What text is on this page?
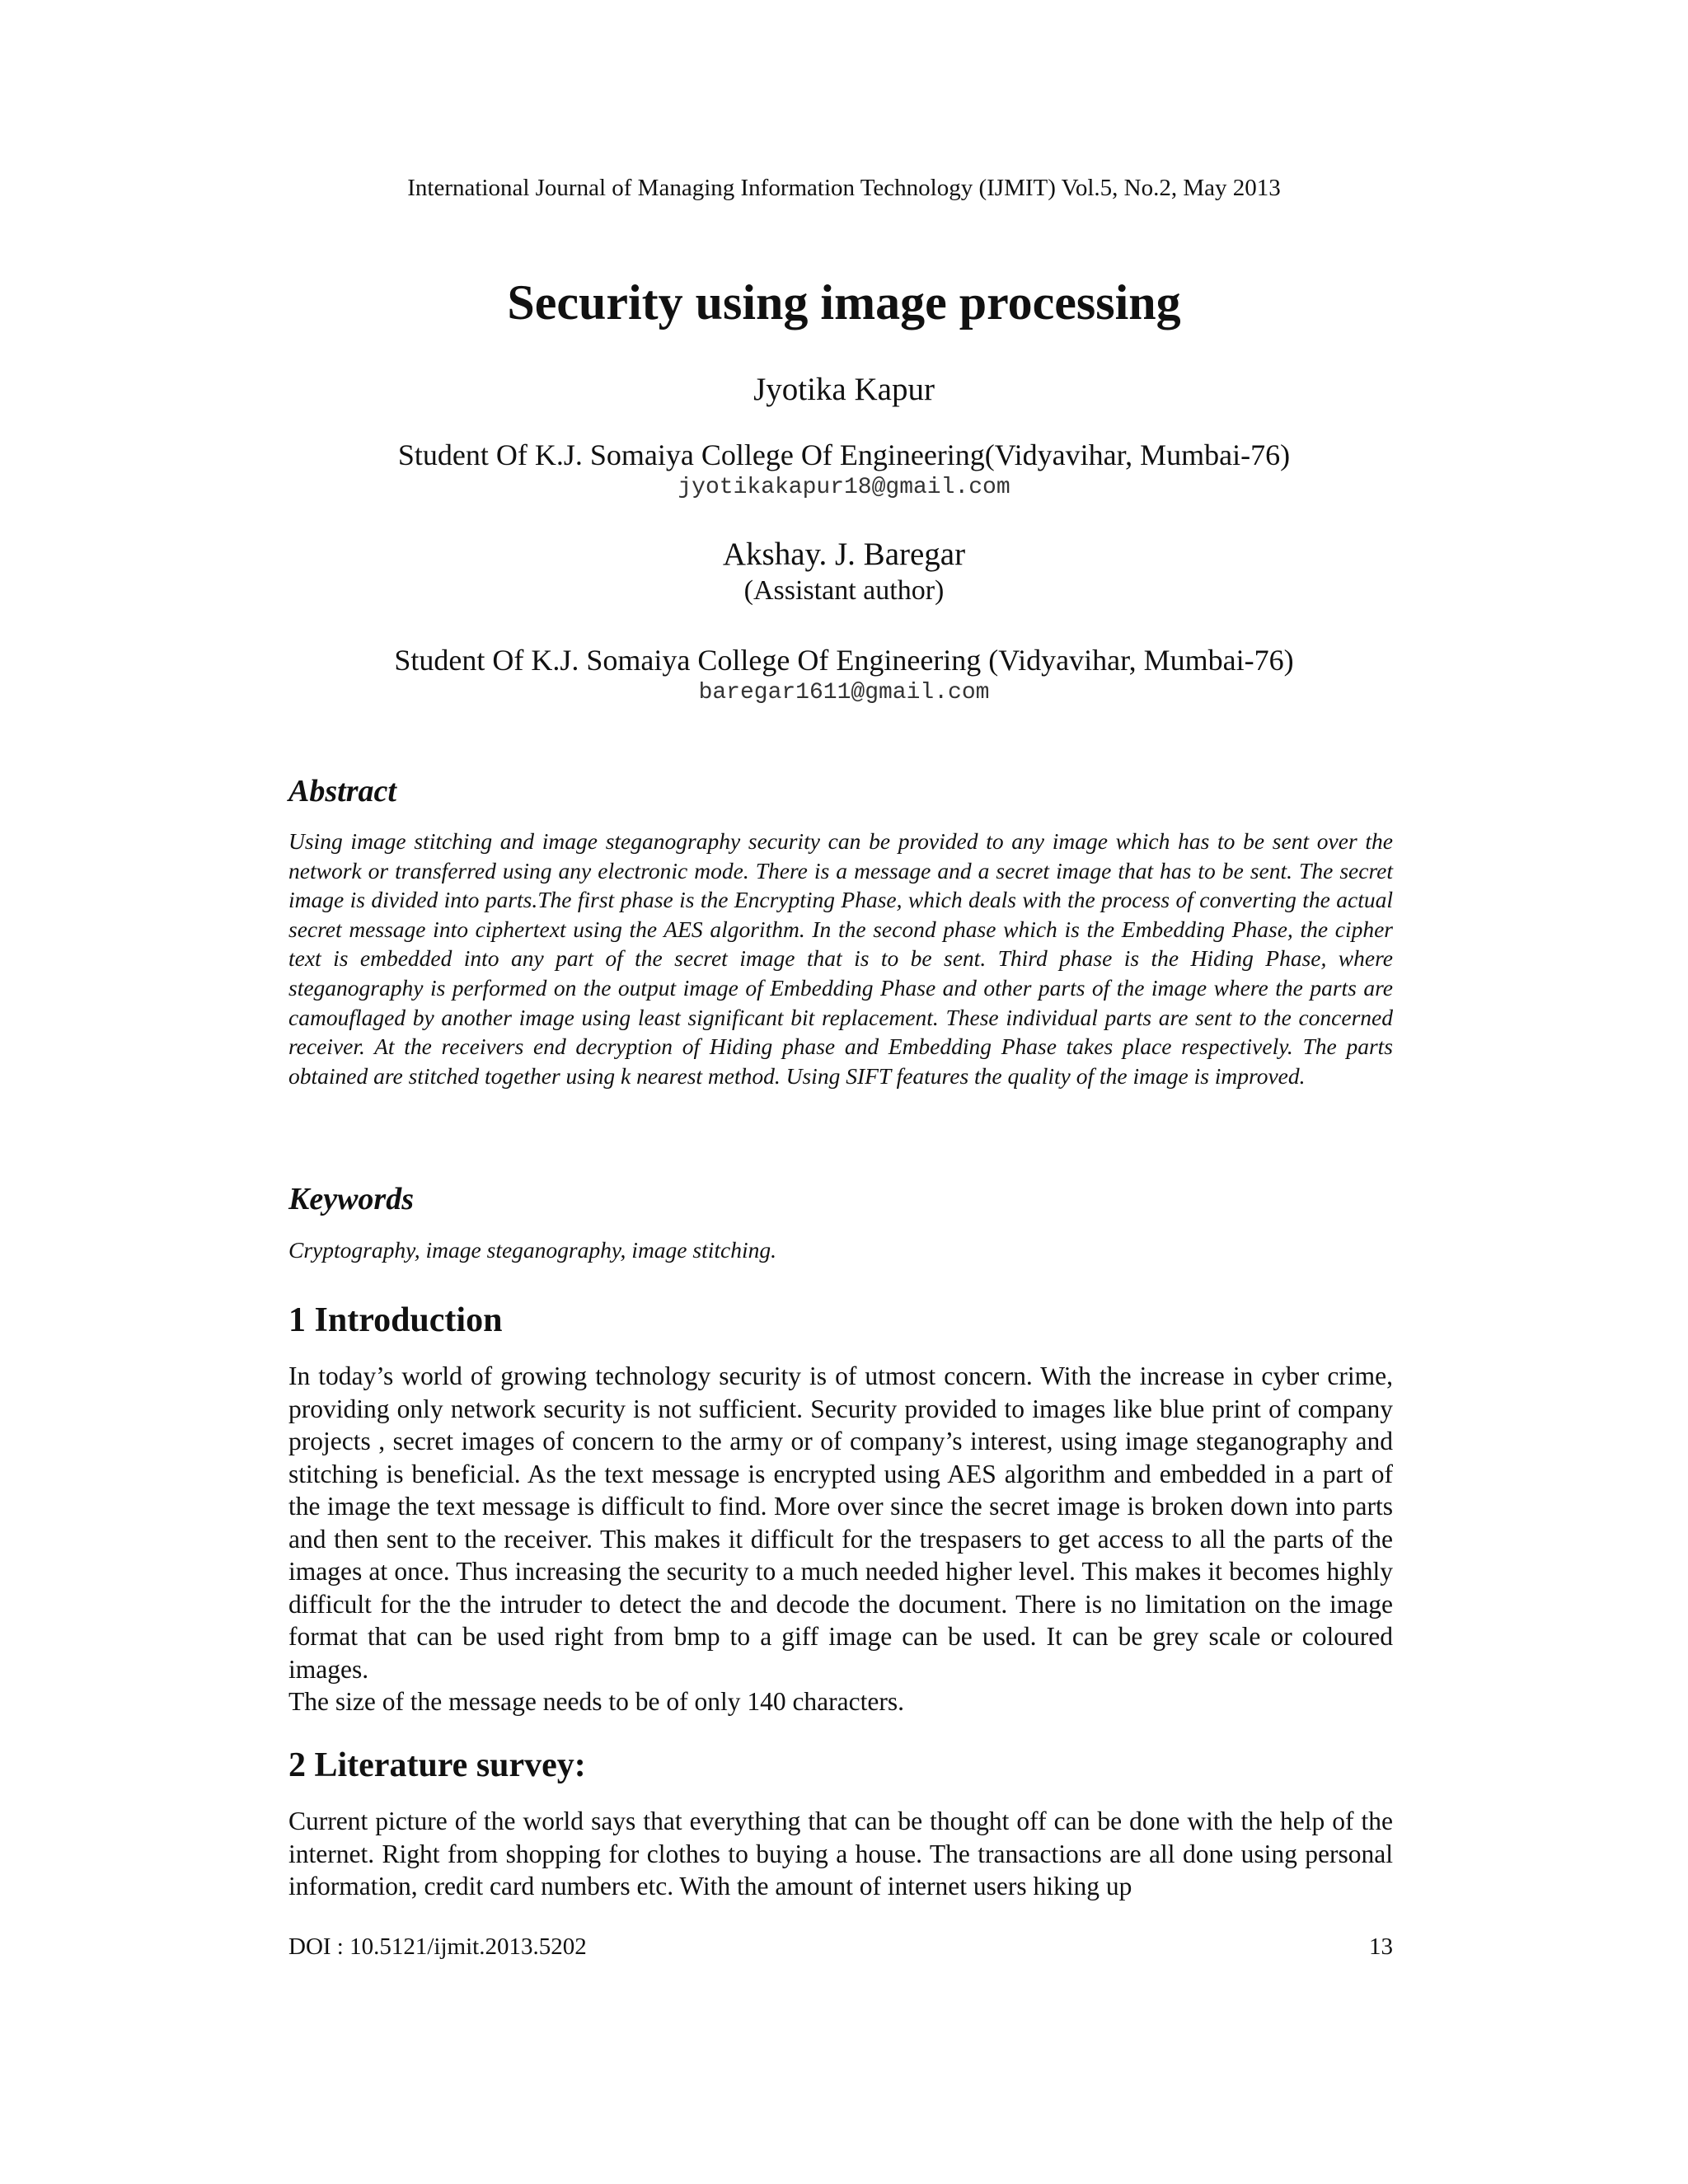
International Journal of Managing Information Technology (IJMIT) Vol.5, No.2, May 2013
Security using image processing
Jyotika Kapur
Student Of K.J. Somaiya College Of Engineering(Vidyavihar, Mumbai-76)
jyotikakapur18@gmail.com
Akshay. J. Baregar
(Assistant author)
Student Of K.J. Somaiya College Of Engineering (Vidyavihar, Mumbai-76)
baregar1611@gmail.com
Abstract

Using image stitching and image steganography security can be provided to any image which has to be sent over the network or transferred using any electronic mode. There is a message and a secret image that has to be sent. The secret image is divided into parts.The first phase is the Encrypting Phase, which deals with the process of converting the actual secret message into ciphertext using the AES algorithm. In the second phase which is the Embedding Phase, the cipher text is embedded into any part of the secret image that is to be sent. Third phase is the Hiding Phase, where steganography is performed on the output image of Embedding Phase and other parts of the image where the parts are camouflaged by another image using least significant bit replacement. These individual parts are sent to the concerned receiver. At the receivers end decryption of Hiding phase and Embedding Phase takes place respectively. The parts obtained are stitched together using k nearest method. Using SIFT features the quality of the image is improved.

Keywords

Cryptography, image steganography, image stitching.

1 Introduction

In today’s world of growing technology security is of utmost concern. With the increase in cyber crime, providing only network security is not sufficient. Security provided to images like blue print of company projects , secret images of concern to the army or of company’s interest, using image steganography and stitching is beneficial. As the text message is encrypted using AES algorithm and embedded in a part of the image the text message is difficult to find. More over since the secret image is broken down into parts and then sent to the receiver. This makes it difficult for the trespasers to get access to all the parts of the images at once. Thus increasing the security to a much needed higher level. This makes it becomes highly difficult for the the intruder to detect the and decode the document. There is no limitation on the image format that can be used right from bmp to a giff image can be used. It can be grey scale or coloured images.

The size of the message needs to be of only 140 characters.

2 Literature survey:

Current picture of the world says that everything that can be thought off can be done with the help of the internet. Right from shopping for clothes to buying a house. The transactions are all done using personal information, credit card numbers etc. With the amount of internet users hiking up

DOI : 10.5121/ijmit.2013.5202	13
